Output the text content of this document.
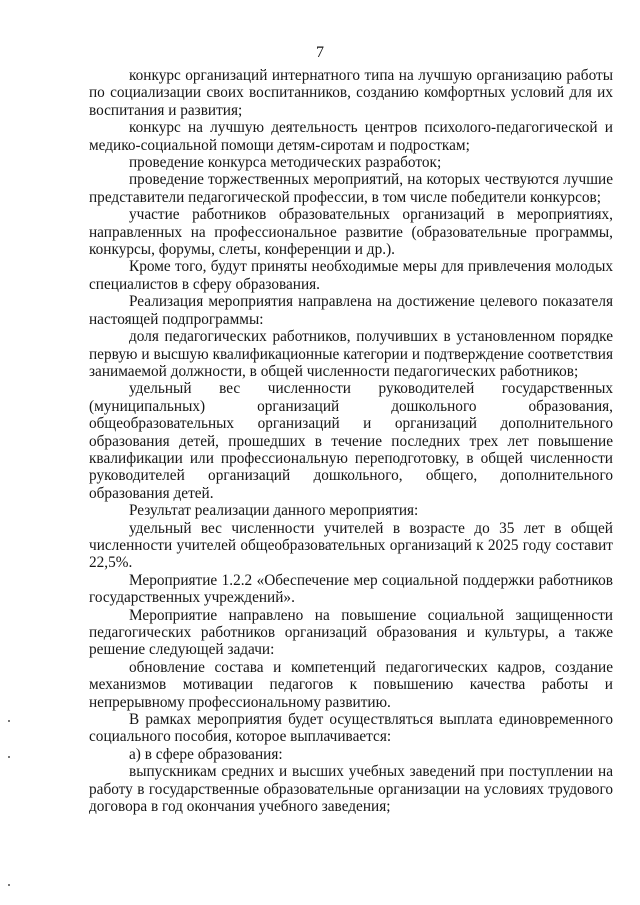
7

конкурс организаций интернатного типа на лучшую организацию работы по социализации своих воспитанников, созданию комфортных условий для их воспитания и развития;

конкурс на лучшую деятельность центров психолого-педагогической и медико-социальной помощи детям-сиротам и подросткам;

проведение конкурса методических разработок;

проведение торжественных мероприятий, на которых чествуются лучшие представители педагогической профессии, в том числе победители конкурсов;

участие работников образовательных организаций в мероприятиях, направленных на профессиональное развитие (образовательные программы, конкурсы, форумы, слеты, конференции и др.).

Кроме того, будут приняты необходимые меры для привлечения молодых специалистов в сферу образования.

Реализация мероприятия направлена на достижение целевого показателя настоящей подпрограммы:

доля педагогических работников, получивших в установленном порядке первую и высшую квалификационные категории и подтверждение соответствия занимаемой должности, в общей численности педагогических работников;

удельный вес численности руководителей государственных (муниципальных) организаций дошкольного образования, общеобразовательных организаций и организаций дополнительного образования детей, прошедших в течение последних трех лет повышение квалификации или профессиональную переподготовку, в общей численности руководителей организаций дошкольного, общего, дополнительного образования детей.

Результат реализации данного мероприятия:

удельный вес численности учителей в возрасте до 35 лет в общей численности учителей общеобразовательных организаций к 2025 году составит 22,5%.

Мероприятие 1.2.2 «Обеспечение мер социальной поддержки работников государственных учреждений».

Мероприятие направлено на повышение социальной защищенности педагогических работников организаций образования и культуры, а также решение следующей задачи:

обновление состава и компетенций педагогических кадров, создание механизмов мотивации педагогов к повышению качества работы и непрерывному профессиональному развитию.

В рамках мероприятия будет осуществляться выплата единовременного социального пособия, которое выплачивается:

а) в сфере образования:

выпускникам средних и высших учебных заведений при поступлении на работу в государственные образовательные организации на условиях трудового договора в год окончания учебного заведения;
